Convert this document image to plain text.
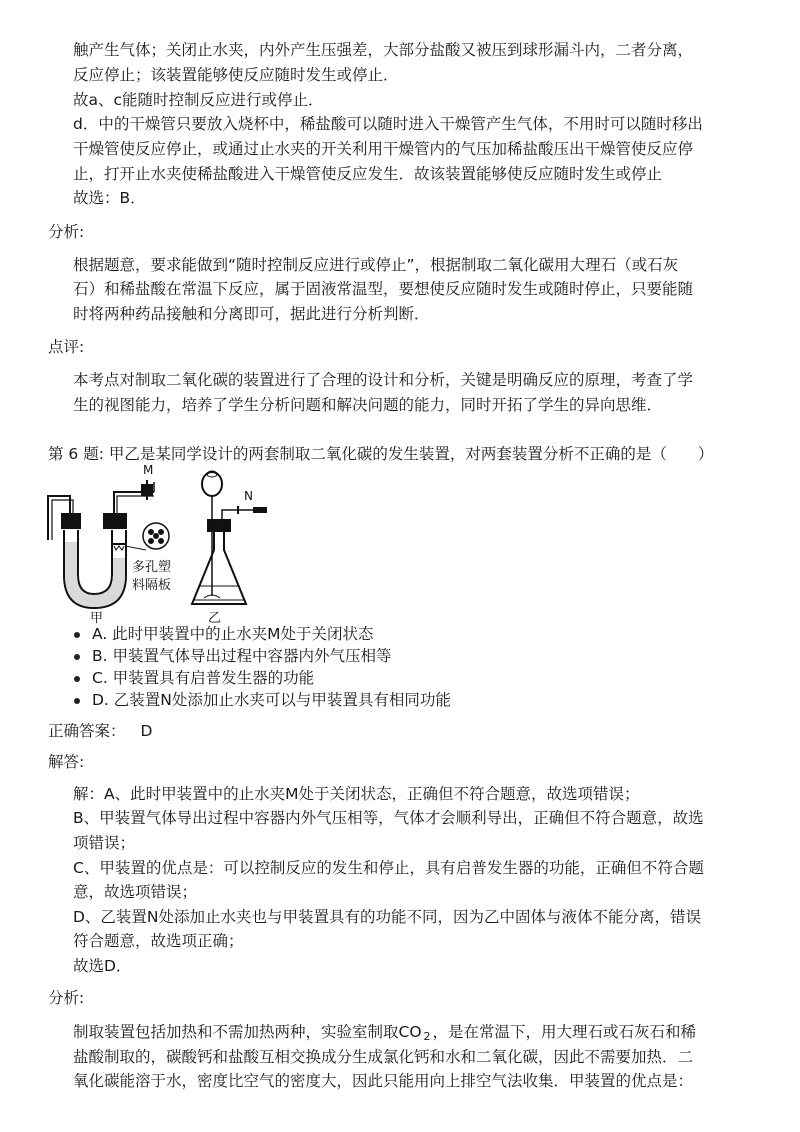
触产生气体；关闭止水夹，内外产生压强差，大部分盐酸又被压到球形漏斗内，二者分离，
反应停止；该装置能够使反应随时发生或停止．
故a、c能随时控制反应进行或停止．
d．中的干燥管只要放入烧杯中，稀盐酸可以随时进入干燥管产生气体，不用时可以随时移出
干燥管使反应停止，或通过止水夹的开关利用干燥管内的气压加稀盐酸压出干燥管使反应停
止，打开止水夹使稀盐酸进入干燥管使反应发生．故该装置能够使反应随时发生或停止
故选：B．
分析:
根据题意，要求能做到“随时控制反应进行或停止”，根据制取二氧化碳用大理石（或石灰
石）和稀盐酸在常温下反应，属于固液常温型，要想使反应随时发生或随时停止，只要能随
时将两种药品接触和分离即可，据此进行分析判断．
点评:
本考点对制取二氧化碳的装置进行了合理的设计和分析，关键是明确反应的原理，考查了学
生的视图能力，培养了学生分析问题和解决问题的能力，同时开拓了学生的异向思维．
第 6 题: 甲乙是某同学设计的两套制取二氧化碳的发生装置，对两套装置分析不正确的是（　　）
M
多孔塑
料隔板
甲
N
乙
A. 此时甲装置中的止水夹M处于关闭状态
B. 甲装置气体导出过程中容器内外气压相等
C. 甲装置具有启普发生器的功能
D. 乙装置N处添加止水夹可以与甲装置具有相同功能
正确答案： D
解答:
解：A、此时甲装置中的止水夹M处于关闭状态，正确但不符合题意，故选项错误；
B、甲装置气体导出过程中容器内外气压相等，气体才会顺利导出，正确但不符合题意，故选
项错误；
C、甲装置的优点是：可以控制反应的发生和停止，具有启普发生器的功能，正确但不符合题
意，故选项错误；
D、乙装置N处添加止水夹也与甲装置具有的功能不同，因为乙中固体与液体不能分离，错误
符合题意，故选项正确；
故选D．
分析:
制取装置包括加热和不需加热两种，实验室制取CO $_2$ ，是在常温下，用大理石或石灰石和稀
盐酸制取的，碳酸钙和盐酸互相交换成分生成氯化钙和水和二氧化碳，因此不需要加热．二
氧化碳能溶于水，密度比空气的密度大，因此只能用向上排空气法收集．甲装置的优点是：
